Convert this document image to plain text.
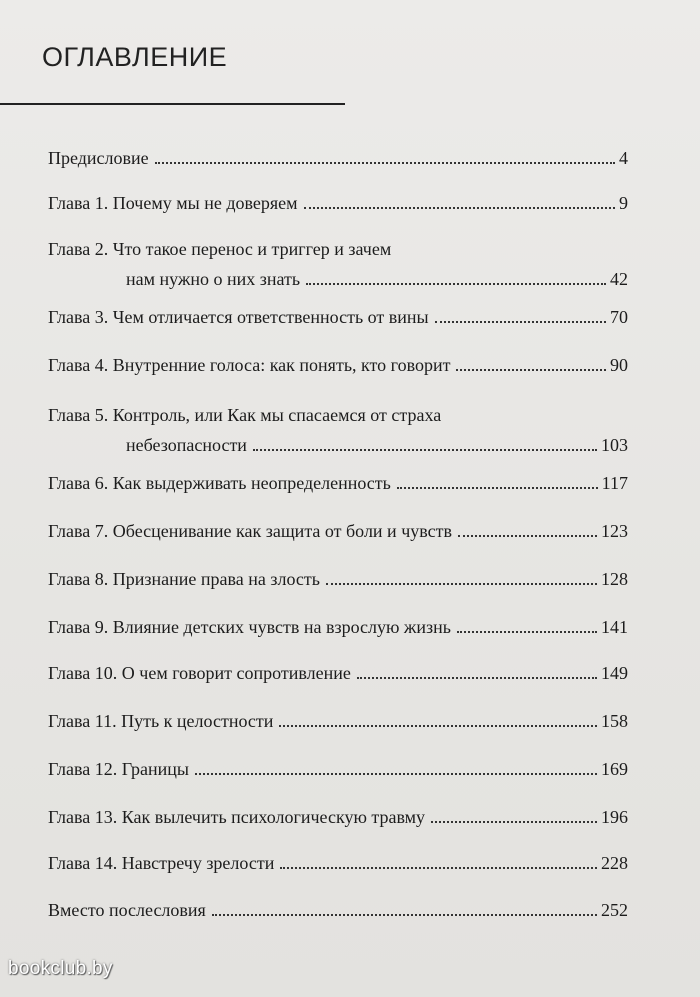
ОГЛАВЛЕНИЕ
Предисловие	4
Глава 1. Почему мы не доверяем	9
Глава 2. Что такое перенос и триггер и зачем
нам нужно о них знать	42
Глава 3. Чем отличается ответственность от вины	70
Глава 4. Внутренние голоса: как понять, кто говорит	90
Глава 5. Контроль, или Как мы спасаемся от страха
небезопасности	103
Глава 6. Как выдерживать неопределенность	117
Глава 7. Обесценивание как защита от боли и чувств	123
Глава 8. Признание права на злость	128
Глава 9. Влияние детских чувств на взрослую жизнь	141
Глава 10. О чем говорит сопротивление	149
Глава 11. Путь к целостности	158
Глава 12. Границы	169
Глава 13. Как вылечить психологическую травму	196
Глава 14. Навстречу зрелости	228
Вместо послесловия	252
bookclub.by
